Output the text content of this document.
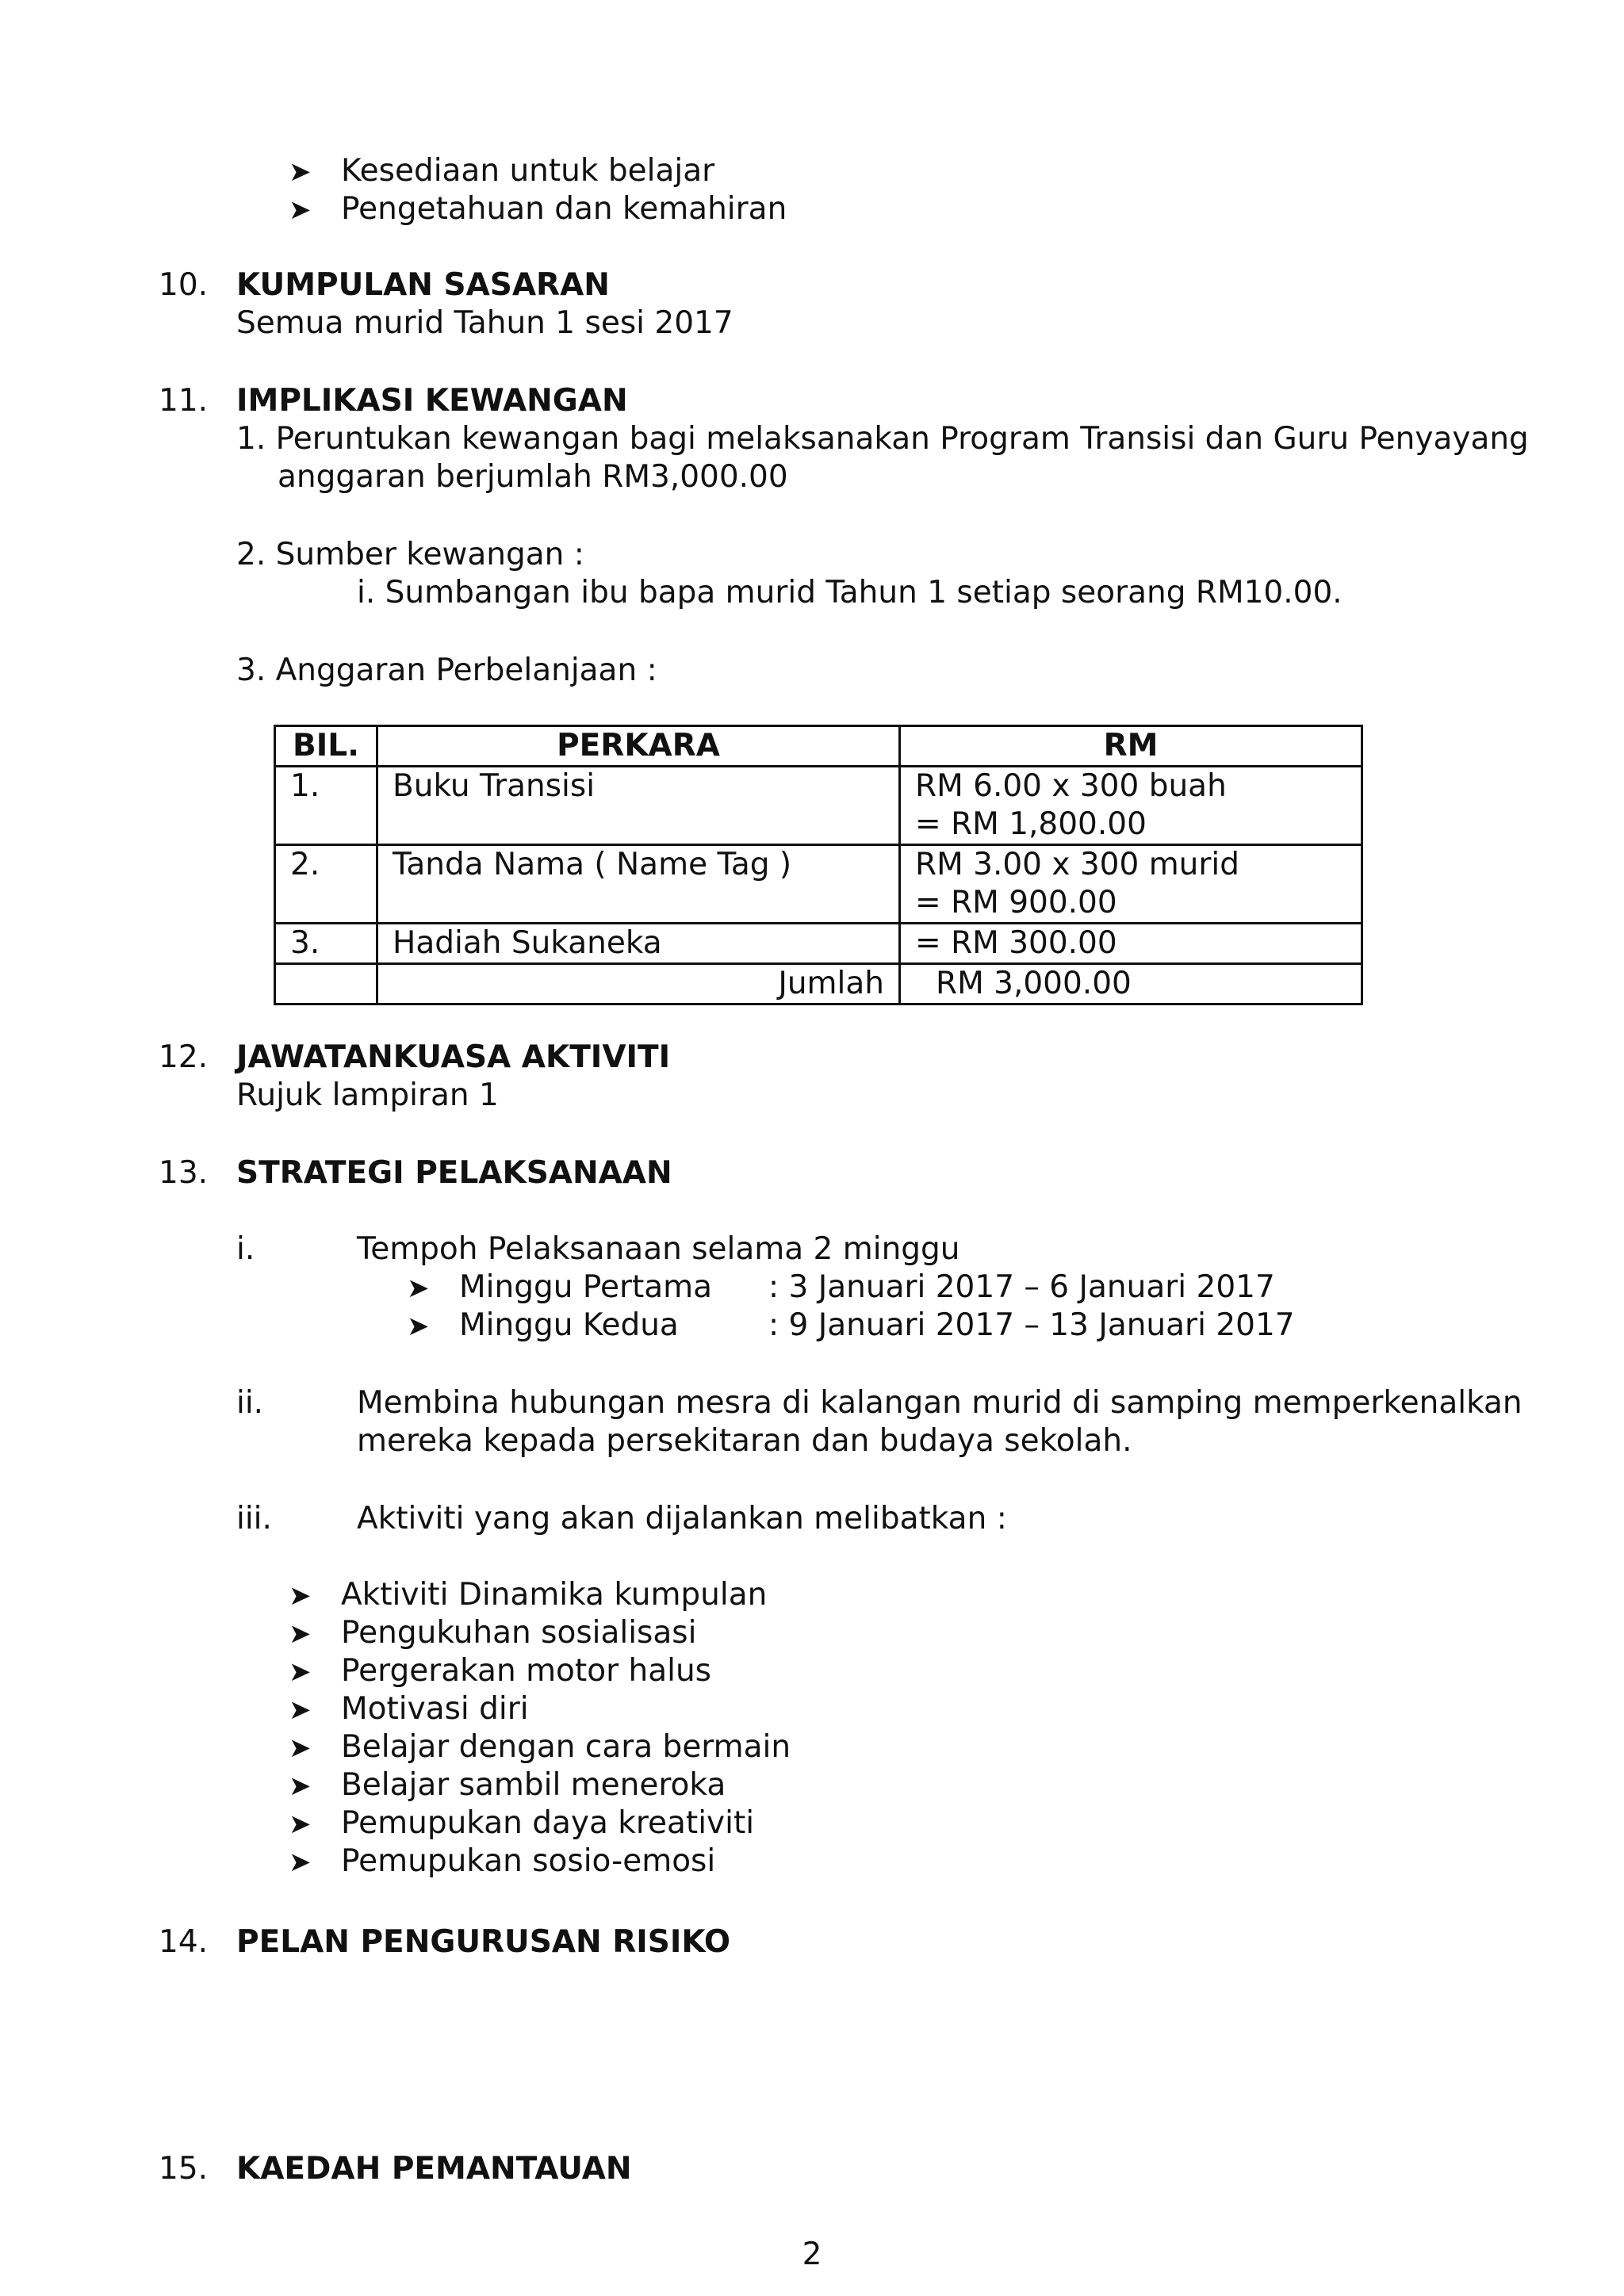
➤ Kesediaan untuk belajar
➤ Pengetahuan dan kemahiran
10. KUMPULAN SASARAN
Semua murid Tahun 1 sesi 2017
11. IMPLIKASI KEWANGAN
1. Peruntukan kewangan bagi melaksanakan Program Transisi dan Guru Penyayang
anggaran berjumlah RM3,000.00
2. Sumber kewangan :
i. Sumbangan ibu bapa murid Tahun 1 setiap seorang RM10.00.
3. Anggaran Perbelanjaan :
BIL.	PERKARA	RM
1.	Buku Transisi	RM 6.00 x 300 buah
= RM 1,800.00

2.	Tanda Nama ( Name Tag )	RM 3.00 x 300 murid
= RM 900.00

3.	Hadiah Sukaneka	= RM 300.00
	Jumlah	RM 3,000.00
12. JAWATANKUASA AKTIVITI
Rujuk lampiran 1
13. STRATEGI PELAKSANAAN
i.	Tempoh Pelaksanaan selama 2 minggu
➤ Minggu Pertama : 3 Januari 2017 – 6 Januari 2017
➤ Minggu Kedua	: 9 Januari 2017 – 13 Januari 2017
ii.	Membina hubungan mesra di kalangan murid di samping memperkenalkan
mereka kepada persekitaran dan budaya sekolah.
iii.	Aktiviti yang akan dijalankan melibatkan :
➤ Aktiviti Dinamika kumpulan
➤ Pengukuhan sosialisasi
➤ Pergerakan motor halus
➤ Motivasi diri
➤ Belajar dengan cara bermain
➤ Belajar sambil meneroka
➤ Pemupukan daya kreativiti
➤ Pemupukan sosio-emosi
14. PELAN PENGURUSAN RISIKO
15. KAEDAH PEMANTAUAN
2
